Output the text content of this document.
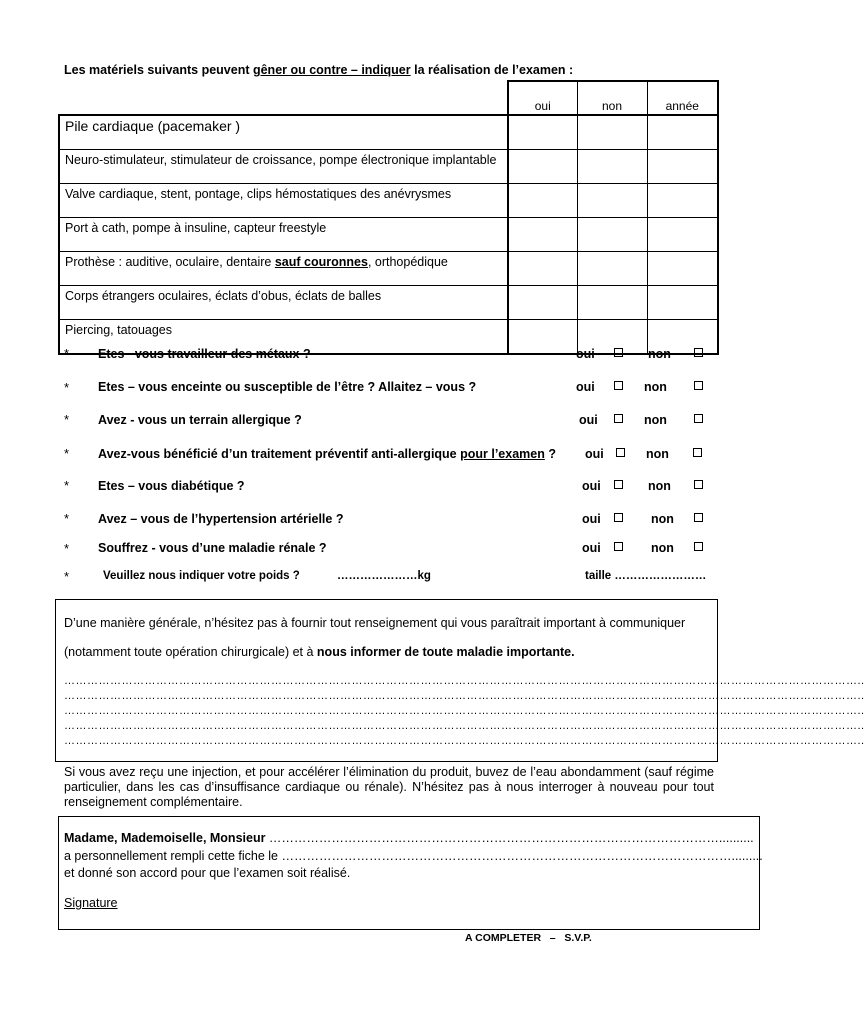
Les matériels suivants peuvent gêner ou contre – indiquer la réalisation de l’examen :
	oui	non	année
Pile cardiaque (pacemaker )			
Neuro-stimulateur, stimulateur de croissance, pompe électronique implantable			
Valve cardiaque, stent, pontage, clips hémostatiques des anévrysmes			
Port à cath, pompe à insuline, capteur freestyle			
Prothèse : auditive, oculaire, dentaire sauf couronnes, orthopédique			
Corps étrangers oculaires, éclats d’obus, éclats de balles			
Piercing, tatouages			
* Etes– vous travailleur des métaux ?	oui	non
* Etes – vous enceinte ou susceptible de l’être ? Allaitez – vous ?	oui	non
* Avez - vous un terrain allergique ?	oui	non
* Avez-vous bénéficié d’un traitement préventif anti-allergique pour l’examen ? oui	non
* Etes – vous diabétique ?	oui	non
* Avez – vous de l’hypertension artérielle ?	oui	non
* Souffrez - vous d’une maladie rénale ?	oui	non
*	Veuillez nous indiquer votre poids ?	…………………kg	taille ……………………
D’une manière générale, n’hésitez pas à fournir tout renseignement qui vous paraîtrait important à communiquer
(notamment toute opération chirurgicale) et à nous informer de toute maladie importante.
………………………………………………………………………………………………………………………………………………………………………………………..
………………………………………………………………………………………………………………………………………………………………………………………..
………………………………………………………………………………………………………………………………………………………………………………………..
………………………………………………………………………………………………………………………………………………………………………………………..
………………………………………………………………………………………………………………………………………………………………………………………..
Si vous avez reçu une injection, et pour accélérer l’élimination du produit, buvez de l’eau abondamment (sauf régime particulier, dans les cas d’insuffisance cardiaque ou rénale). N’hésitez pas à nous interroger à nouveau pour tout renseignement complémentaire.
Madame, Mademoiselle, Monsieur ………………………………………………………………………………………………..........
a personnellement rempli cette fiche le ……………………………………………………………………………………………….........
et donné son accord pour que l’examen soit réalisé.
Signature
A COMPLETER   –   S.V.P.
